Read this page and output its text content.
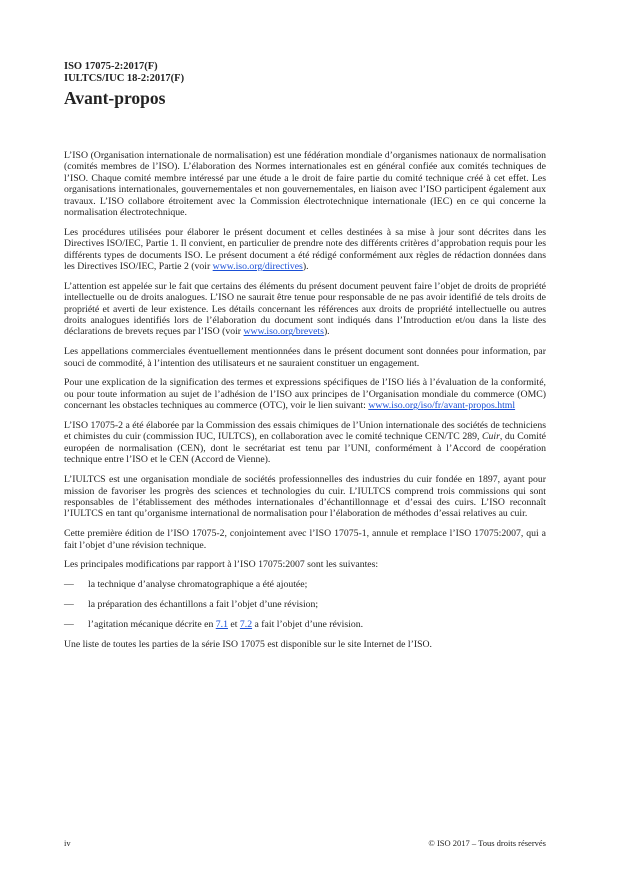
ISO 17075-2:2017(F)
IULTCS/IUC 18-2:2017(F)
Avant-propos

L’ISO (Organisation internationale de normalisation) est une fédération mondiale d’organismes nationaux de normalisation (comités membres de l’ISO). L’élaboration des Normes internationales est en général confiée aux comités techniques de l’ISO. Chaque comité membre intéressé par une étude a le droit de faire partie du comité technique créé à cet effet. Les organisations internationales, gouvernementales et non gouvernementales, en liaison avec l’ISO participent également aux travaux. L’ISO collabore étroitement avec la Commission électrotechnique internationale (IEC) en ce qui concerne la normalisation électrotechnique.

Les procédures utilisées pour élaborer le présent document et celles destinées à sa mise à jour sont décrites dans les Directives ISO/IEC, Partie 1. Il convient, en particulier de prendre note des différents critères d’approbation requis pour les différents types de documents ISO. Le présent document a été rédigé conformément aux règles de rédaction données dans les Directives ISO/IEC, Partie 2 (voir www.iso.org/directives).

L’attention est appelée sur le fait que certains des éléments du présent document peuvent faire l’objet de droits de propriété intellectuelle ou de droits analogues. L’ISO ne saurait être tenue pour responsable de ne pas avoir identifié de tels droits de propriété et averti de leur existence. Les détails concernant les références aux droits de propriété intellectuelle ou autres droits analogues identifiés lors de l’élaboration du document sont indiqués dans l’Introduction et/ou dans la liste des déclarations de brevets reçues par l’ISO (voir www.iso.org/brevets).

Les appellations commerciales éventuellement mentionnées dans le présent document sont données pour information, par souci de commodité, à l’intention des utilisateurs et ne sauraient constituer un engagement.

Pour une explication de la signification des termes et expressions spécifiques de l’ISO liés à l’évaluation de la conformité, ou pour toute information au sujet de l’adhésion de l’ISO aux principes de l’Organisation mondiale du commerce (OMC) concernant les obstacles techniques au commerce (OTC), voir le lien suivant: www.iso.org/iso/fr/avant-propos.html

L’ISO 17075-2 a été élaborée par la Commission des essais chimiques de l’Union internationale des sociétés de techniciens et chimistes du cuir (commission IUC, IULTCS), en collaboration avec le comité technique CEN/TC 289, Cuir, du Comité européen de normalisation (CEN), dont le secrétariat est tenu par l’UNI, conformément à l’Accord de coopération technique entre l’ISO et le CEN (Accord de Vienne).

L’IULTCS est une organisation mondiale de sociétés professionnelles des industries du cuir fondée en 1897, ayant pour mission de favoriser les progrès des sciences et technologies du cuir. L’IULTCS comprend trois commissions qui sont responsables de l’établissement des méthodes internationales d’échantillonnage et d’essai des cuirs. L’ISO reconnaît l’IULTCS en tant qu’organisme international de normalisation pour l’élaboration de méthodes d’essai relatives au cuir.

Cette première édition de l’ISO 17075-2, conjointement avec l’ISO 17075-1, annule et remplace l’ISO 17075:2007, qui a fait l’objet d’une révision technique.

Les principales modifications par rapport à l’ISO 17075:2007 sont les suivantes:

— la technique d’analyse chromatographique a été ajoutée;

— la préparation des échantillons a fait l’objet d’une révision;

— l’agitation mécanique décrite en 7.1 et 7.2 a fait l’objet d’une révision.

Une liste de toutes les parties de la série ISO 17075 est disponible sur le site Internet de l’ISO.

iv	© ISO 2017 – Tous droits réservés
